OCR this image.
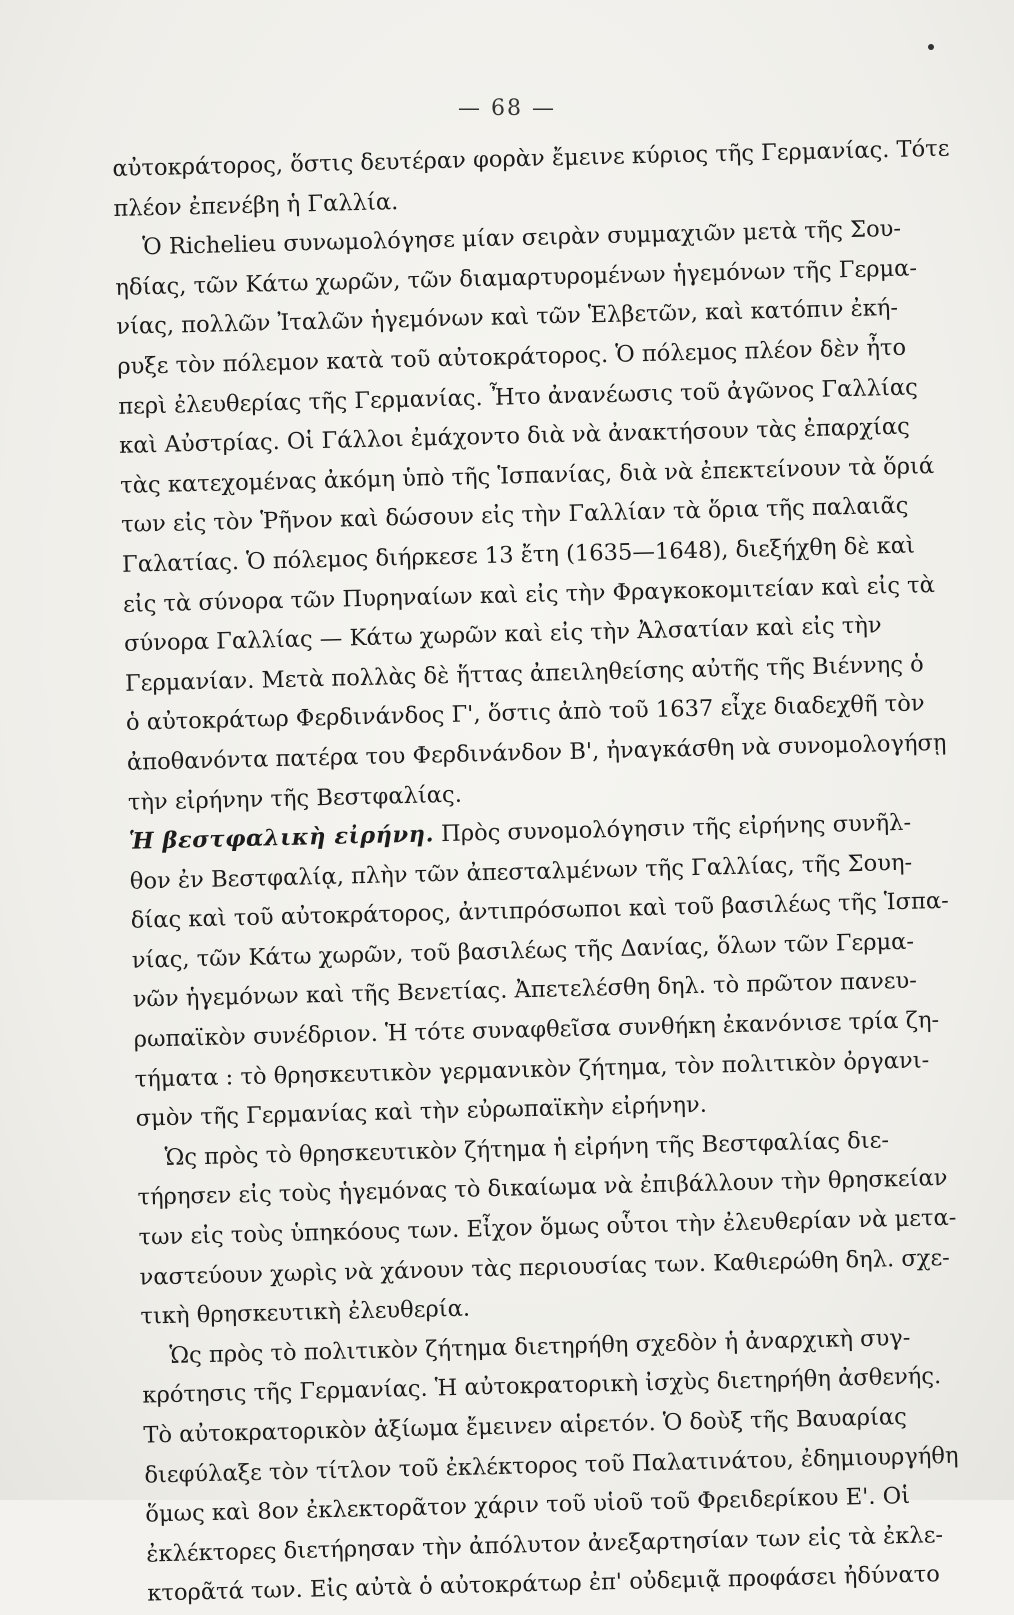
— 68 —
αὐτοκράτορος, ὅστις δευτέραν φορὰν ἔμεινε κύριος τῆς Γερμανίας. Τότε
πλέον ἐπενέβη ἡ Γαλλία.
Ὁ Richelieu συνωμολόγησε μίαν σειρὰν συμμαχιῶν μετὰ τῆς Σου-
ηδίας, τῶν Κάτω χωρῶν, τῶν διαμαρτυρομένων ἡγεμόνων τῆς Γερμα-
νίας, πολλῶν Ἰταλῶν ἡγεμόνων καὶ τῶν Ἑλβετῶν, καὶ κατόπιν ἐκή-
ρυξε τὸν πόλεμον κατὰ τοῦ αὐτοκράτορος. Ὁ πόλεμος πλέον δὲν ἦτο
περὶ ἐλευθερίας τῆς Γερμανίας. Ἦτο ἀνανέωσις τοῦ ἀγῶνος Γαλλίας
καὶ Αὐστρίας. Οἱ Γάλλοι ἐμάχοντο διὰ νὰ ἀνακτήσουν τὰς ἐπαρχίας
τὰς κατεχομένας ἀκόμη ὑπὸ τῆς Ἱσπανίας, διὰ νὰ ἐπεκτείνουν τὰ ὅριά
των εἰς τὸν Ῥῆνον καὶ δώσουν εἰς τὴν Γαλλίαν τὰ ὅρια τῆς παλαιᾶς
Γαλατίας. Ὁ πόλεμος διήρκεσε 13 ἔτη (1635—1648), διεξήχθη δὲ καὶ
εἰς τὰ σύνορα τῶν Πυρηναίων καὶ εἰς τὴν Φραγκοκομιτείαν καὶ εἰς τὰ
σύνορα Γαλλίας — Κάτω χωρῶν καὶ εἰς τὴν Ἀλσατίαν καὶ εἰς τὴν
Γερμανίαν. Μετὰ πολλὰς δὲ ἥττας ἀπειληθείσης αὐτῆς τῆς Βιέννης ὁ
ὁ αὐτοκράτωρ Φερδινάνδος Γ', ὅστις ἀπὸ τοῦ 1637 εἶχε διαδεχθῆ τὸν
ἀποθανόντα πατέρα του Φερδινάνδον Β', ἠναγκάσθη νὰ συνομολογήσῃ
τὴν εἰρήνην τῆς Βεστφαλίας.
Ἡ βεστφαλικὴ εἰρήνη. Πρὸς συνομολόγησιν τῆς εἰρήνης συνῆλ-
θον ἐν Βεστφαλίᾳ, πλὴν τῶν ἀπεσταλμένων τῆς Γαλλίας, τῆς Σουη-
δίας καὶ τοῦ αὐτοκράτορος, ἀντιπρόσωποι καὶ τοῦ βασιλέως τῆς Ἱσπα-
νίας, τῶν Κάτω χωρῶν, τοῦ βασιλέως τῆς Δανίας, ὅλων τῶν Γερμα-
νῶν ἡγεμόνων καὶ τῆς Βενετίας. Ἀπετελέσθη δηλ. τὸ πρῶτον πανευ-
ρωπαϊκὸν συνέδριον. Ἡ τότε συναφθεῖσα συνθήκη ἐκανόνισε τρία ζη-
τήματα : τὸ θρησκευτικὸν γερμανικὸν ζήτημα, τὸν πολιτικὸν ὀργανι-
σμὸν τῆς Γερμανίας καὶ τὴν εὐρωπαϊκὴν εἰρήνην.
Ὡς πρὸς τὸ θρησκευτικὸν ζήτημα ἡ εἰρήνη τῆς Βεστφαλίας διε-
τήρησεν εἰς τοὺς ἡγεμόνας τὸ δικαίωμα νὰ ἐπιβάλλουν τὴν θρησκείαν
των εἰς τοὺς ὑπηκόους των. Εἶχον ὅμως οὗτοι τὴν ἐλευθερίαν νὰ μετα-
ναστεύουν χωρὶς νὰ χάνουν τὰς περιουσίας των. Καθιερώθη δηλ. σχε-
τικὴ θρησκευτικὴ ἐλευθερία.
Ὡς πρὸς τὸ πολιτικὸν ζήτημα διετηρήθη σχεδὸν ἡ ἀναρχικὴ συγ-
κρότησις τῆς Γερμανίας. Ἡ αὐτοκρατορικὴ ἰσχὺς διετηρήθη ἀσθενής.
Τὸ αὐτοκρατορικὸν ἀξίωμα ἔμεινεν αἱρετόν. Ὁ δοὺξ τῆς Βαυαρίας
διεφύλαξε τὸν τίτλον τοῦ ἐκλέκτορος τοῦ Παλατινάτου, ἐδημιουργήθη
ὅμως καὶ 8ον ἐκλεκτορᾶτον χάριν τοῦ υἱοῦ τοῦ Φρειδερίκου Ε'. Οἱ
ἐκλέκτορες διετήρησαν τὴν ἀπόλυτον ἀνεξαρτησίαν των εἰς τὰ ἐκλε-
κτορᾶτά των. Εἰς αὐτὰ ὁ αὐτοκράτωρ ἐπ' οὐδεμιᾷ προφάσει ἠδύνατο
